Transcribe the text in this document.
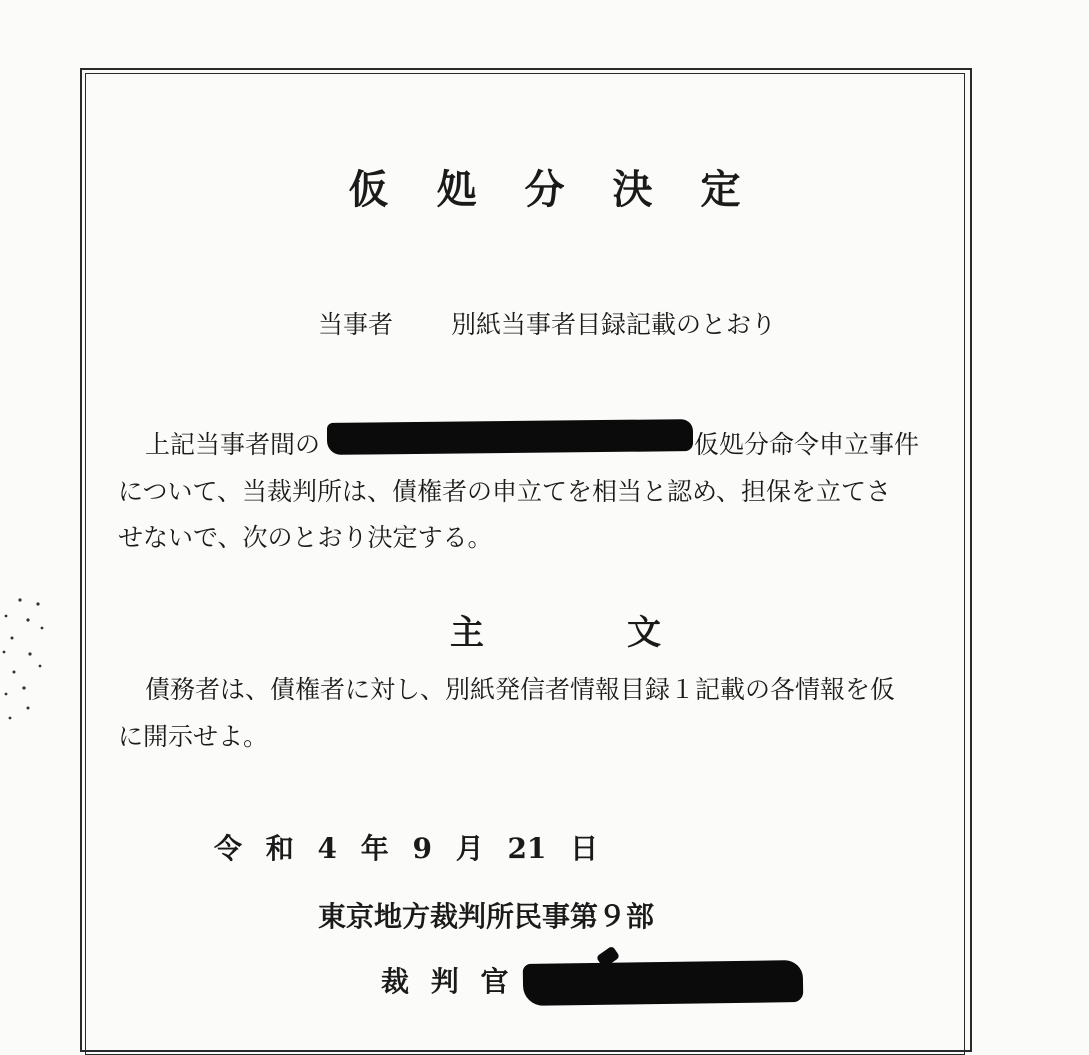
仮 処 分 決 定
当事者 別紙当事者目録記載のとおり
上記当事者間の	仮処分命令申立事件
について、当裁判所は、債権者の申立てを相当と認め、担保を立てさ
せないで、次のとおり決定する。
主	文
債務者は、債権者に対し、別紙発信者情報目録１記載の各情報を仮
に開示せよ。
令 和 4 年 9 月 21 日
東京地方裁判所民事第９部
裁 判 官
